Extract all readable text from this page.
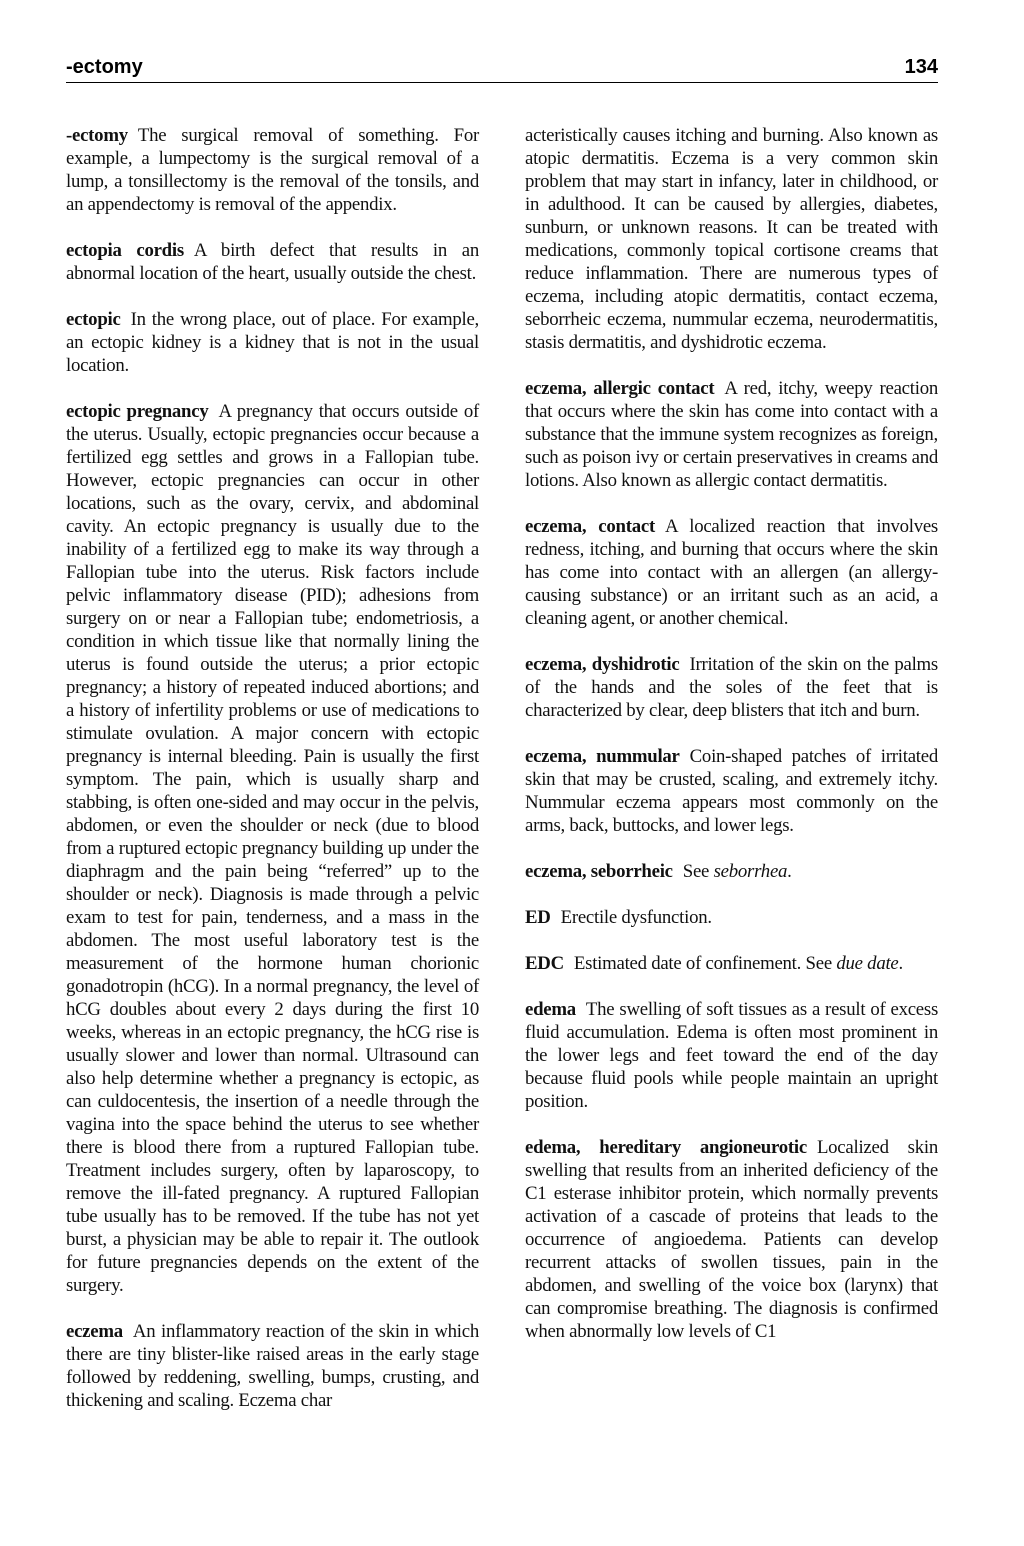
-ectomy	134

-ectomy The surgical removal of something. For example, a lumpectomy is the surgical removal of a lump, a tonsillectomy is the removal of the tonsils, and an appendectomy is removal of the appendix.

ectopia cordis A birth defect that results in an abnormal location of the heart, usually outside the chest.

ectopic In the wrong place, out of place. For example, an ectopic kidney is a kidney that is not in the usual location.

ectopic pregnancy A pregnancy that occurs outside of the uterus. Usually, ectopic pregnancies occur because a fertilized egg settles and grows in a Fallopian tube. However, ectopic pregnancies can occur in other locations, such as the ovary, cervix, and abdominal cavity. An ectopic pregnancy is usually due to the inability of a fertilized egg to make its way through a Fallopian tube into the uterus. Risk factors include pelvic inflammatory disease (PID); adhesions from surgery on or near a Fallopian tube; endometriosis, a condition in which tissue like that normally lining the uterus is found outside the uterus; a prior ectopic pregnancy; a history of repeated induced abortions; and a history of infertility problems or use of medications to stimulate ovulation. A major concern with ectopic pregnancy is internal bleeding. Pain is usually the first symptom. The pain, which is usually sharp and stabbing, is often one-sided and may occur in the pelvis, abdomen, or even the shoulder or neck (due to blood from a ruptured ectopic pregnancy building up under the diaphragm and the pain being “referred” up to the shoulder or neck). Diagnosis is made through a pelvic exam to test for pain, tenderness, and a mass in the abdomen. The most useful laboratory test is the measurement of the hormone human chorionic gonadotropin (hCG). In a normal pregnancy, the level of hCG doubles about every 2 days during the first 10 weeks, whereas in an ectopic pregnancy, the hCG rise is usually slower and lower than normal. Ultrasound can also help determine whether a pregnancy is ectopic, as can culdocentesis, the insertion of a needle through the vagina into the space behind the uterus to see whether there is blood there from a ruptured Fallopian tube. Treatment includes surgery, often by laparoscopy, to remove the ill-fated pregnancy. A ruptured Fallopian tube usually has to be removed. If the tube has not yet burst, a physician may be able to repair it. The outlook for future pregnancies depends on the extent of the surgery.

eczema An inflammatory reaction of the skin in which there are tiny blister-like raised areas in the early stage followed by reddening, swelling, bumps, crusting, and thickening and scaling. Eczema char

acteristically causes itching and burning. Also known as atopic dermatitis. Eczema is a very common skin problem that may start in infancy, later in childhood, or in adulthood. It can be caused by allergies, diabetes, sunburn, or unknown reasons. It can be treated with medications, commonly topical cortisone creams that reduce inflammation. There are numerous types of eczema, including atopic dermatitis, contact eczema, seborrheic eczema, nummular eczema, neurodermatitis, stasis dermatitis, and dyshidrotic eczema.

eczema, allergic contact A red, itchy, weepy reaction that occurs where the skin has come into contact with a substance that the immune system recognizes as foreign, such as poison ivy or certain preservatives in creams and lotions. Also known as allergic contact dermatitis.

eczema, contact A localized reaction that involves redness, itching, and burning that occurs where the skin has come into contact with an allergen (an allergy-causing substance) or an irritant such as an acid, a cleaning agent, or another chemical.

eczema, dyshidrotic Irritation of the skin on the palms of the hands and the soles of the feet that is characterized by clear, deep blisters that itch and burn.

eczema, nummular Coin-shaped patches of irritated skin that may be crusted, scaling, and extremely itchy. Nummular eczema appears most commonly on the arms, back, buttocks, and lower legs.

eczema, seborrheic See seborrhea.

ED Erectile dysfunction.

EDC Estimated date of confinement. See due date.

edema The swelling of soft tissues as a result of excess fluid accumulation. Edema is often most prominent in the lower legs and feet toward the end of the day because fluid pools while people maintain an upright position.

edema, hereditary angioneurotic Localized skin swelling that results from an inherited deficiency of the C1 esterase inhibitor protein, which normally prevents activation of a cascade of proteins that leads to the occurrence of angioedema. Patients can develop recurrent attacks of swollen tissues, pain in the abdomen, and swelling of the voice box (larynx) that can compromise breathing. The diagnosis is confirmed when abnormally low levels of C1
